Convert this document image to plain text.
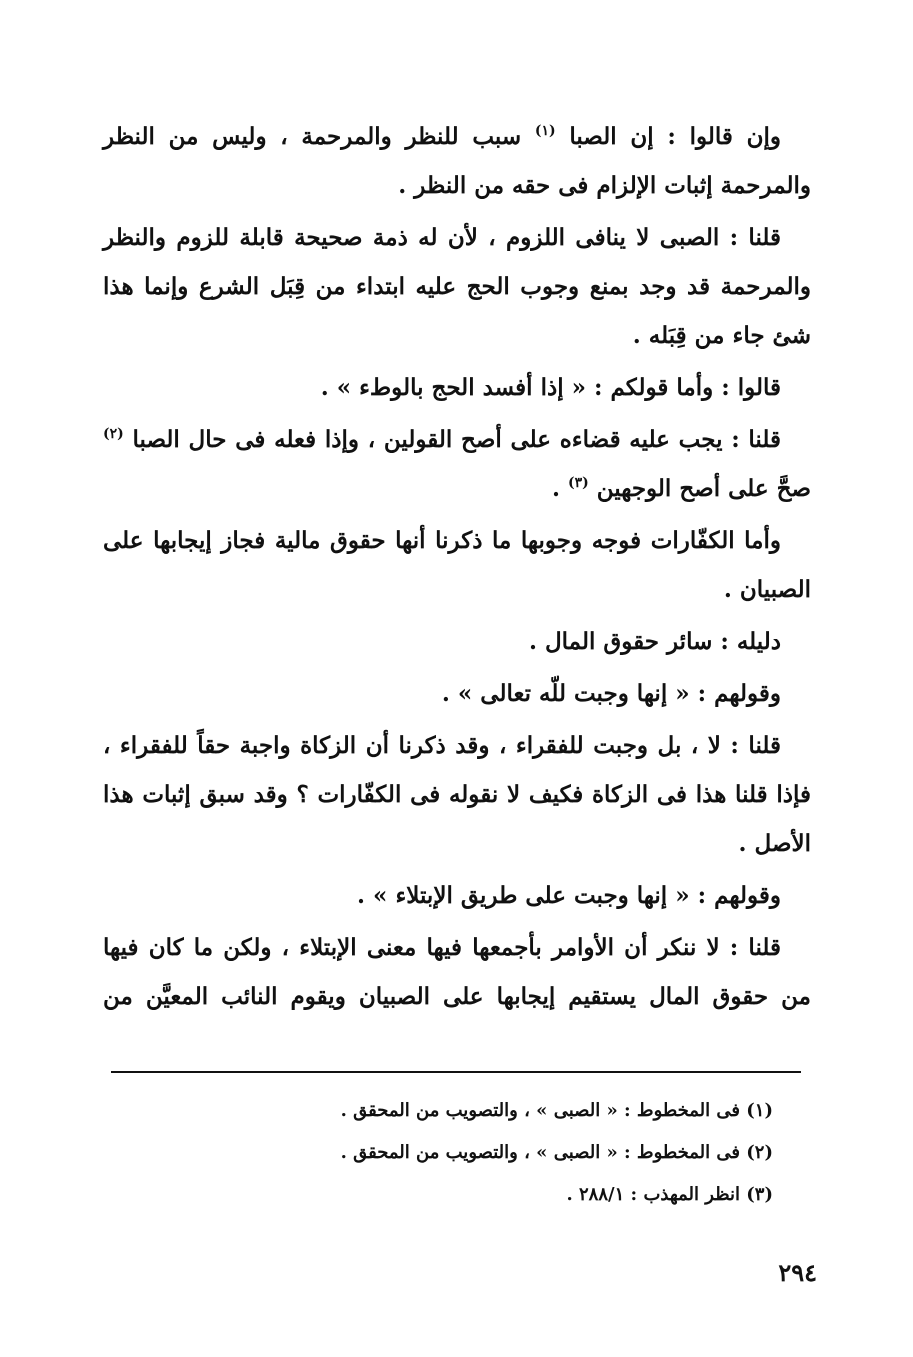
وإن قالوا : إن الصبا $^{(١)}$ سبب للنظر والمرحمة ، وليس من النظر والمرحمة إثبات الإلزام فى حقه من النظر .

قلنا : الصبى لا ينافى اللزوم ، لأن له ذمة صحيحة قابلة للزوم والنظر والمرحمة قد وجد بمنع وجوب الحج عليه ابتداء من قِبَل الشرع وإنما هذا شئ جاء من قِبَله .

قالوا : وأما قولكم : « إذا أفسد الحج بالوطء » .

قلنا : يجب عليه قضاءه على أصح القولين ، وإذا فعله فى حال الصبا $^{(٢)}$ صحَّ على أصح الوجهين $^{(٣)}$ .

وأما الكفّارات فوجه وجوبها ما ذكرنا أنها حقوق مالية فجاز إيجابها على الصبيان .

دليله : سائر حقوق المال .

وقولهم : « إنها وجبت للّه تعالى » .

قلنا : لا ، بل وجبت للفقراء ، وقد ذكرنا أن الزكاة واجبة حقاً للفقراء ، فإذا قلنا هذا فى الزكاة فكيف لا نقوله فى الكفّارات ؟ وقد سبق إثبات هذا الأصل .

وقولهم : « إنها وجبت على طريق الإبتلاء » .

قلنا : لا ننكر أن الأوامر بأجمعها فيها معنى الإبتلاء ، ولكن ما كان فيها من حقوق المال يستقيم إيجابها على الصبيان ويقوم النائب المعيَّن من

(١) فى المخطوط : « الصبى » ، والتصويب من المحقق .
(٢) فى المخطوط : « الصبى » ، والتصويب من المحقق .
(٣) انظر المهذب : ٢٨٨/١ .
٢٩٤
